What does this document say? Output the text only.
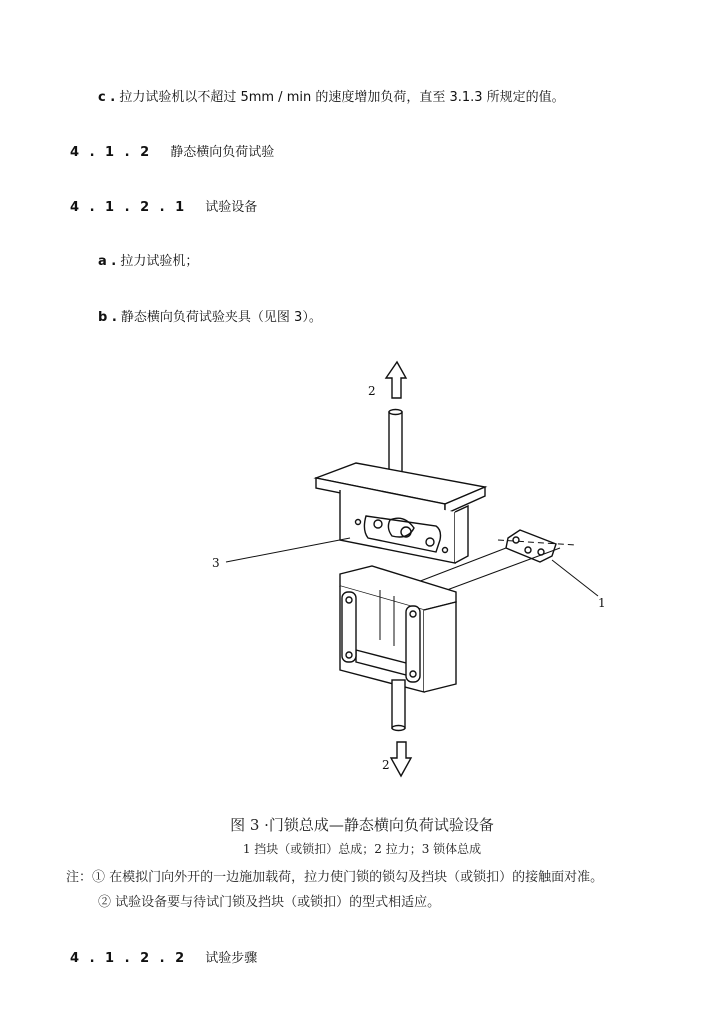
c . 拉力试验机以不超过 5mm / min 的速度增加负荷，直至 3.1.3 所规定的值。
4 . 1 . 2 静态横向负荷试验
4 . 1 . 2 . 1 试验设备
a . 拉力试验机；
b . 静态横向负荷试验夹具（见图 3）。
2
2
3
1
图 3 ·门锁总成—静态横向负荷试验设备
1 挡块（或锁扣）总成；2 拉力；3 锁体总成
注：① 在模拟门向外开的一边施加载荷，拉力使门锁的锁勾及挡块（或锁扣）的接触面对准。
② 试验设备要与待试门锁及挡块（或锁扣）的型式相适应。
4 . 1 . 2 . 2 试验步骤
